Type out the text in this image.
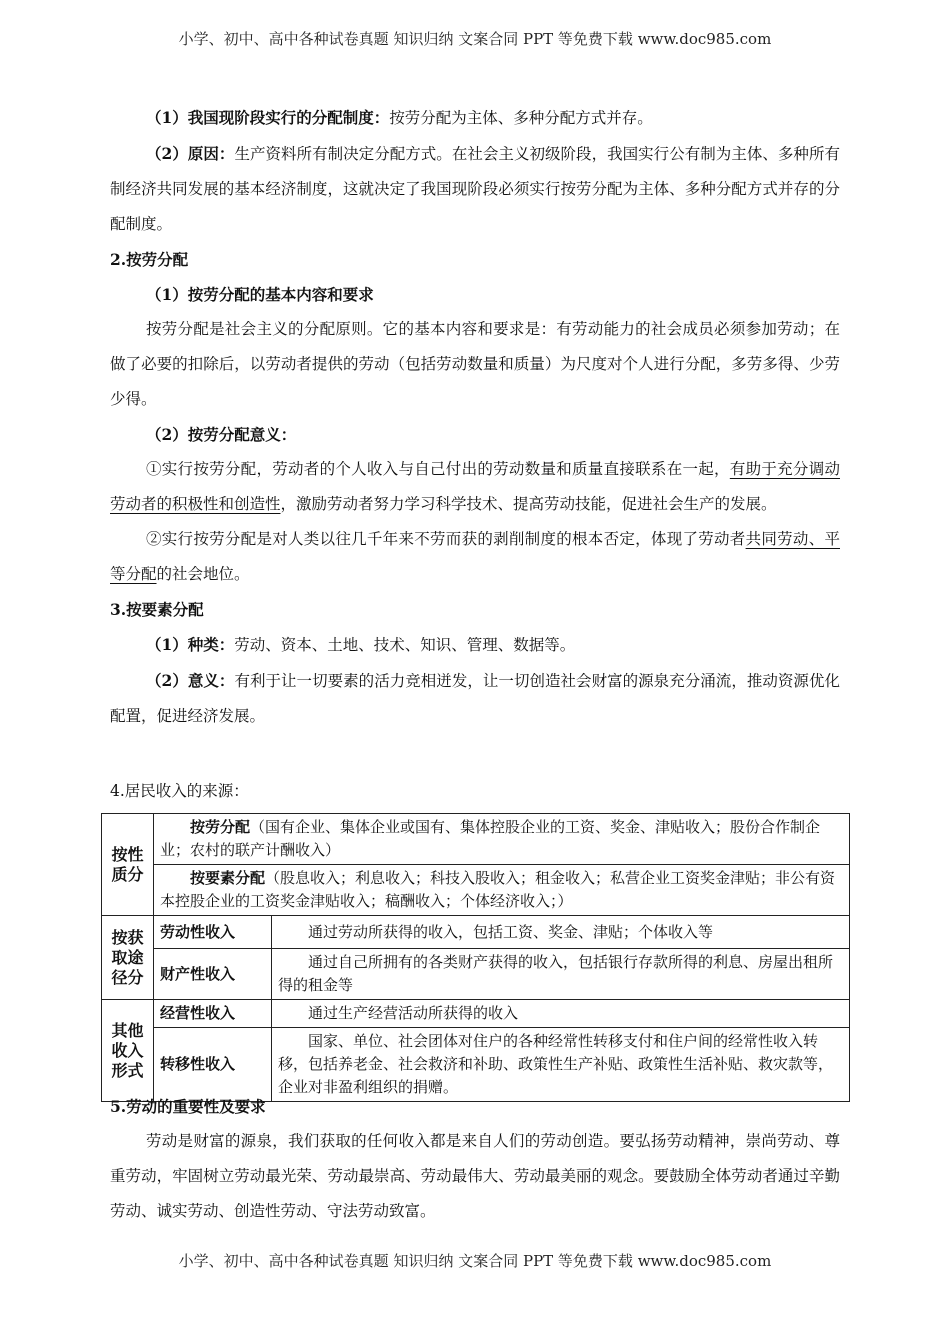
小学、初中、高中各种试卷真题 知识归纳 文案合同 PPT 等免费下载 www.doc985.com

（1）我国现阶段实行的分配制度：按劳分配为主体、多种分配方式并存。

（2）原因：生产资料所有制决定分配方式。在社会主义初级阶段，我国实行公有制为主体、多种所有制经济共同发展的基本经济制度，这就决定了我国现阶段必须实行按劳分配为主体、多种分配方式并存的分配制度。

2.按劳分配

（1）按劳分配的基本内容和要求

按劳分配是社会主义的分配原则。它的基本内容和要求是：有劳动能力的社会成员必须参加劳动；在做了必要的扣除后，以劳动者提供的劳动（包括劳动数量和质量）为尺度对个人进行分配，多劳多得、少劳少得。

（2）按劳分配意义：

①实行按劳分配，劳动者的个人收入与自己付出的劳动数量和质量直接联系在一起，有助于充分调动劳动者的积极性和创造性，激励劳动者努力学习科学技术、提高劳动技能，促进社会生产的发展。

②实行按劳分配是对人类以往几千年来不劳而获的剥削制度的根本否定，体现了劳动者共同劳动、平等分配的社会地位。

3.按要素分配

（1）种类：劳动、资本、土地、技术、知识、管理、数据等。

（2）意义：有利于让一切要素的活力竞相迸发，让一切创造社会财富的源泉充分涌流，推动资源优化配置，促进经济发展。

4.居民收入的来源：
按性质分	按劳分配（国有企业、集体企业或国有、集体控股企业的工资、奖金、津贴收入；股份合作制企业；农村的联产计酬收入）	
	按要素分配（股息收入；利息收入；科技入股收入；租金收入；私营企业工资奖金津贴；非公有资本控股企业的工资奖金津贴收入；稿酬收入；个体经济收入；）	
按获取途径分	劳动性收入	通过劳动所获得的收入，包括工资、奖金、津贴；个体收入等
	财产性收入	通过自己所拥有的各类财产获得的收入，包括银行存款所得的利息、房屋出租所得的租金等
其他收入形式	经营性收入	通过生产经营活动所获得的收入
	转移性收入	国家、单位、社会团体对住户的各种经常性转移支付和住户间的经常性收入转移，包括养老金、社会救济和补助、政策性生产补贴、政策性生活补贴、救灾款等，企业对非盈利组织的捐赠。

5.劳动的重要性及要求

劳动是财富的源泉，我们获取的任何收入都是来自人们的劳动创造。要弘扬劳动精神，崇尚劳动、尊重劳动，牢固树立劳动最光荣、劳动最崇高、劳动最伟大、劳动最美丽的观念。要鼓励全体劳动者通过辛勤劳动、诚实劳动、创造性劳动、守法劳动致富。

小学、初中、高中各种试卷真题 知识归纳 文案合同 PPT 等免费下载 www.doc985.com
